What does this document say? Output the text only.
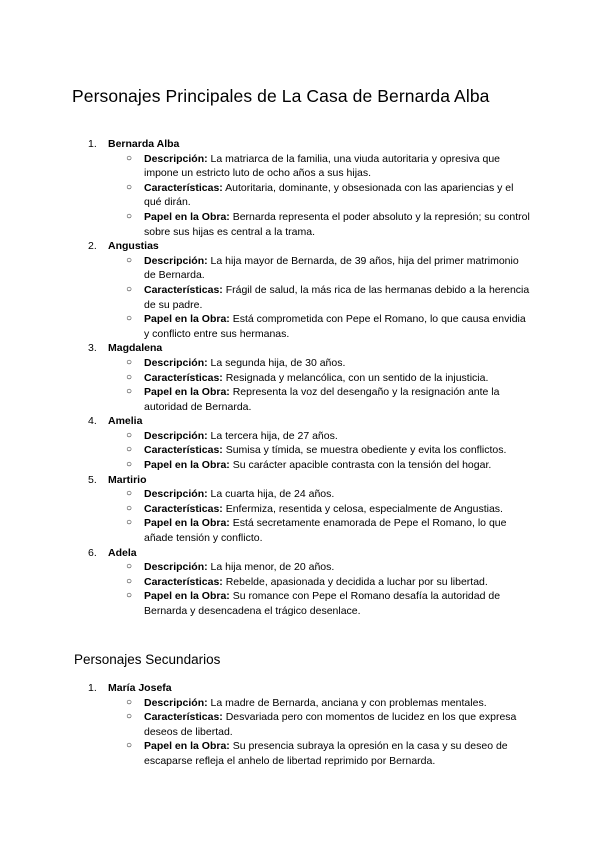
Personajes Principales de La Casa de Bernarda Alba
1. Bernarda Alba
○ Descripción: La matriarca de la familia, una viuda autoritaria y opresiva que impone un estricto luto de ocho años a sus hijas.
○ Características: Autoritaria, dominante, y obsesionada con las apariencias y el qué dirán.
○ Papel en la Obra: Bernarda representa el poder absoluto y la represión; su control sobre sus hijas es central a la trama.
2. Angustias
○ Descripción: La hija mayor de Bernarda, de 39 años, hija del primer matrimonio de Bernarda.
○ Características: Frágil de salud, la más rica de las hermanas debido a la herencia de su padre.
○ Papel en la Obra: Está comprometida con Pepe el Romano, lo que causa envidia y conflicto entre sus hermanas.
3. Magdalena
○ Descripción: La segunda hija, de 30 años.
○ Características: Resignada y melancólica, con un sentido de la injusticia.
○ Papel en la Obra: Representa la voz del desengaño y la resignación ante la autoridad de Bernarda.
4. Amelia
○ Descripción: La tercera hija, de 27 años.
○ Características: Sumisa y tímida, se muestra obediente y evita los conflictos.
○ Papel en la Obra: Su carácter apacible contrasta con la tensión del hogar.
5. Martirio
○ Descripción: La cuarta hija, de 24 años.
○ Características: Enfermiza, resentida y celosa, especialmente de Angustias.
○ Papel en la Obra: Está secretamente enamorada de Pepe el Romano, lo que añade tensión y conflicto.
6. Adela
○ Descripción: La hija menor, de 20 años.
○ Características: Rebelde, apasionada y decidida a luchar por su libertad.
○ Papel en la Obra: Su romance con Pepe el Romano desafía la autoridad de Bernarda y desencadena el trágico desenlace.
Personajes Secundarios
1. María Josefa
○ Descripción: La madre de Bernarda, anciana y con problemas mentales.
○ Características: Desvariada pero con momentos de lucidez en los que expresa deseos de libertad.
○ Papel en la Obra: Su presencia subraya la opresión en la casa y su deseo de escaparse refleja el anhelo de libertad reprimido por Bernarda.
